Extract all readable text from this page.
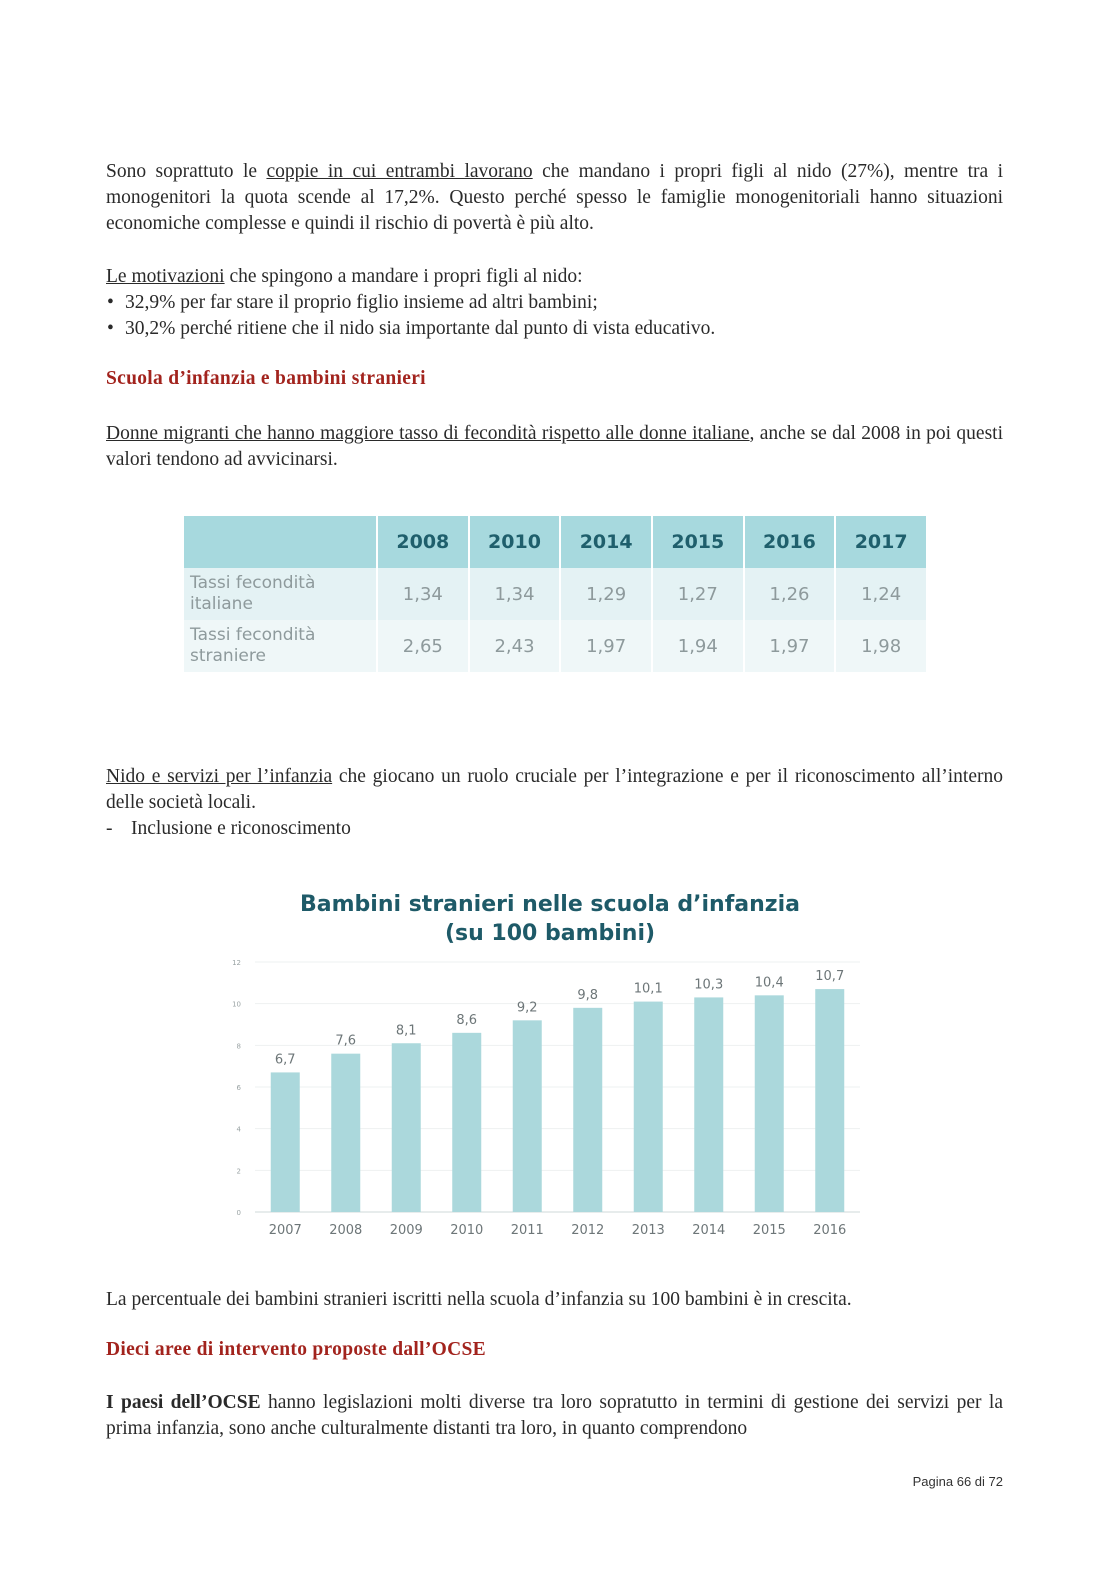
Sono soprattuto le coppie in cui entrambi lavorano che mandano i propri figli al nido (27%), mentre tra i monogenitori la quota scende al 17,2%. Questo perché spesso le famiglie monogenitoriali hanno situazioni economiche complesse e quindi il rischio di povertà è più alto.

Le motivazioni che spingono a mandare i propri figli al nido:
• 32,9% per far stare il proprio figlio insieme ad altri bambini;
• 30,2% perché ritiene che il nido sia importante dal punto di vista educativo.
Scuola d’infanzia e bambini stranieri

Donne migranti che hanno maggiore tasso di fecondità rispetto alle donne italiane, anche se dal 2008 in poi questi valori tendono ad avvicinarsi.

	2008	2010	2014	2015	2016	2017
Tassi fecondità italiane	1,34	1,34	1,29	1,27	1,26	1,24
Tassi fecondità straniere	2,65	2,43	1,97	1,94	1,97	1,98
Nido e servizi per l’infanzia che giocano un ruolo cruciale per l’integrazione e per il riconoscimento all’interno delle società locali.
- Inclusione e riconoscimento
Bambini stranieri nelle scuola d’infanzia
(su 100 bambini)
0
2
4
6
8
10
12
6,7
2007
7,6
2008
8,1
2009
8,6
2010
9,2
2011
9,8
2012
10,1
2013
10,3
2014
10,4
2015
10,7
2016

La percentuale dei bambini stranieri iscritti nella scuola d’infanzia su 100 bambini è in crescita.

Dieci aree di intervento proposte dall’OCSE

I paesi dell’OCSE hanno legislazioni molti diverse tra loro sopratutto in termini di gestione dei servizi per la prima infanzia, sono anche culturalmente distanti tra loro, in quanto comprendono

Pagina 66 di 72
